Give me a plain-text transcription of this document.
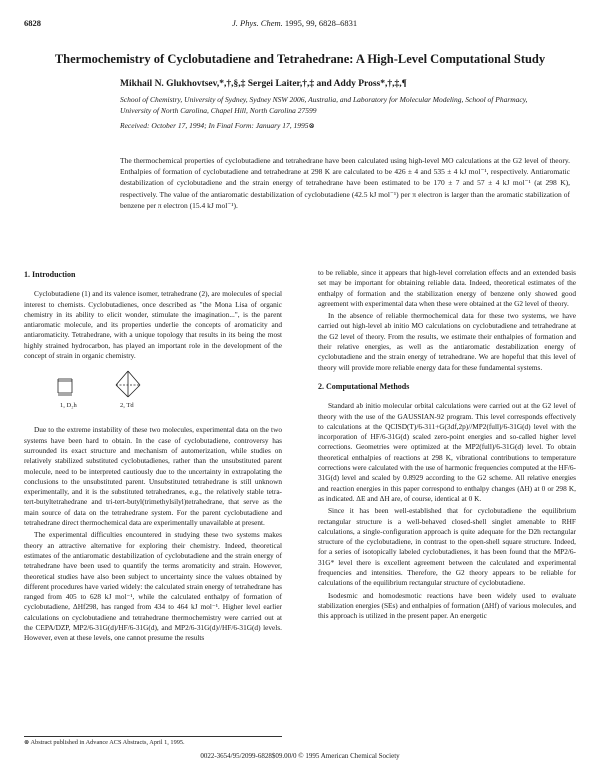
6828	J. Phys. Chem. 1995, 99, 6828–6831
Thermochemistry of Cyclobutadiene and Tetrahedrane: A High-Level Computational Study
Mikhail N. Glukhovtsev,*,†,§,‡ Sergei Laiter,†,‡ and Addy Pross*,†,‡,¶
School of Chemistry, University of Sydney, Sydney NSW 2006, Australia, and Laboratory for Molecular Modeling, School of Pharmacy, University of North Carolina, Chapel Hill, North Carolina 27599
Received: October 17, 1994; In Final Form: January 17, 1995⊗
The thermochemical properties of cyclobutadiene and tetrahedrane have been calculated using high-level MO calculations at the G2 level of theory. Enthalpies of formation of cyclobutadiene and tetrahedrane at 298 K are calculated to be 426 ± 4 and 535 ± 4 kJ mol⁻¹, respectively. Antiaromatic destabilization of cyclobutadiene and the strain energy of tetrahedrane have been estimated to be 170 ± 7 and 57 ± 4 kJ mol⁻¹ (at 298 K), respectively. The value of the antiaromatic destabilization of cyclobutadiene (42.5 kJ mol⁻¹) per π electron is larger than the aromatic stabilization of benzene per π electron (15.4 kJ mol⁻¹).
1. Introduction

Cyclobutadiene (1) and its valence isomer, tetrahedrane (2), are molecules of special interest to chemists. Cyclobutadienes, once described as "the Mona Lisa of organic chemistry in its ability to elicit wonder, stimulate the imagination...", is the parent antiaromatic molecule, and its properties underlie the concepts of aromaticity and antiaromaticity. Tetrahedrane, with a unique topology that results in its being the most highly strained hydrocarbon, has played an important role in the development of the concept of strain in organic chemistry.

1, D₂h	2, Td

Due to the extreme instability of these two molecules, experimental data on the two systems have been hard to obtain. In the case of cyclobutadiene, controversy has surrounded its exact structure and mechanism of automerization, while studies on relatively stabilized substituted cyclobutadienes, rather than the unsubstituted parent molecule, need to be interpreted cautiously due to the uncertainty in extrapolating the conclusions to the unsubstituted parent. Unsubstituted tetrahedrane is still unknown experimentally, and it is the substituted tetrahedranes, e.g., the relatively stable tetra-tert-butyltetrahedrane and tri-tert-butyl(trimethylsilyl)tetrahedrane, that serve as the main source of data on the tetrahedrane system. For the parent cyclobutadiene and tetrahedrane direct thermochemical data are experimentally unavailable at present.

The experimental difficulties encountered in studying these two systems makes theory an attractive alternative for exploring their chemistry. Indeed, theoretical estimates of the antiaromatic destabilization of cyclobutadiene and the strain energy of tetrahedrane have been used to quantify the terms aromaticity and strain. However, theoretical studies have also been subject to uncertainty since the values obtained by different procedures have varied widely: the calculated strain energy of tetrahedrane has ranged from 405 to 628 kJ mol⁻¹, while the calculated enthalpy of formation of cyclobutadiene, ΔHf298, has ranged from 434 to 464 kJ mol⁻¹. Higher level earlier calculations on cyclobutadiene and tetrahedrane thermochemistry were carried out at the CEPA/DZP, MP2/6-31G(d)/HF/6-31G(d), and MP2/6-31G(d)//HF/6-31G(d) levels. However, even at these levels, one cannot presume the results

to be reliable, since it appears that high-level correlation effects and an extended basis set may be important for obtaining reliable data. Indeed, theoretical estimates of the enthalpy of formation and the stabilization energy of benzene only showed good agreement with experimental data when these were obtained at the G2 level of theory.

In the absence of reliable thermochemical data for these two systems, we have carried out high-level ab initio MO calculations on cyclobutadiene and tetrahedrane at the G2 level of theory. From the results, we estimate their enthalpies of formation and their relative energies, as well as the antiaromatic destabilization energy of cyclobutadiene and the strain energy of tetrahedrane. We are hopeful that this level of theory will provide more reliable energy data for these fundamental systems.

2. Computational Methods

Standard ab initio molecular orbital calculations were carried out at the G2 level of theory with the use of the GAUSSIAN-92 program. This level corresponds effectively to calculations at the QCISD(T)/6-311+G(3df,2p)//MP2(full)/6-31G(d) level with the incorporation of HF/6-31G(d) scaled zero-point energies and so-called higher level corrections. Geometries were optimized at the MP2(full)/6-31G(d) level. To obtain theoretical enthalpies of reactions at 298 K, vibrational contributions to temperature corrections were calculated with the use of harmonic frequencies computed at the HF/6-31G(d) level and scaled by 0.8929 according to the G2 scheme. All relative energies and reaction energies in this paper correspond to enthalpy changes (ΔH) at 0 or 298 K, as indicated. ΔE and ΔH are, of course, identical at 0 K.

Since it has been well-established that for cyclobutadiene the equilibrium rectangular structure is a well-behaved closed-shell singlet amenable to RHF calculations, a single-configuration approach is quite adequate for the D2h rectangular structure of the cyclobutadiene, in contrast to the open-shell square structure. Indeed, for a series of isotopically labeled cyclobutadienes, it has been found that the MP2/6-31G* level there is excellent agreement between the calculated and experimental frequencies and intensities. Therefore, the G2 theory appears to be reliable for calculations of the equilibrium rectangular structure of cyclobutadiene.

Isodesmic and homodesmotic reactions have been widely used to evaluate stabilization energies (SEs) and enthalpies of formation (ΔHf) of various molecules, and this approach is utilized in the present paper. An energetic

⊗ Abstract published in Advance ACS Abstracts, April 1, 1995.
0022-3654/95/2099-6828$09.00/0 © 1995 American Chemical Society
